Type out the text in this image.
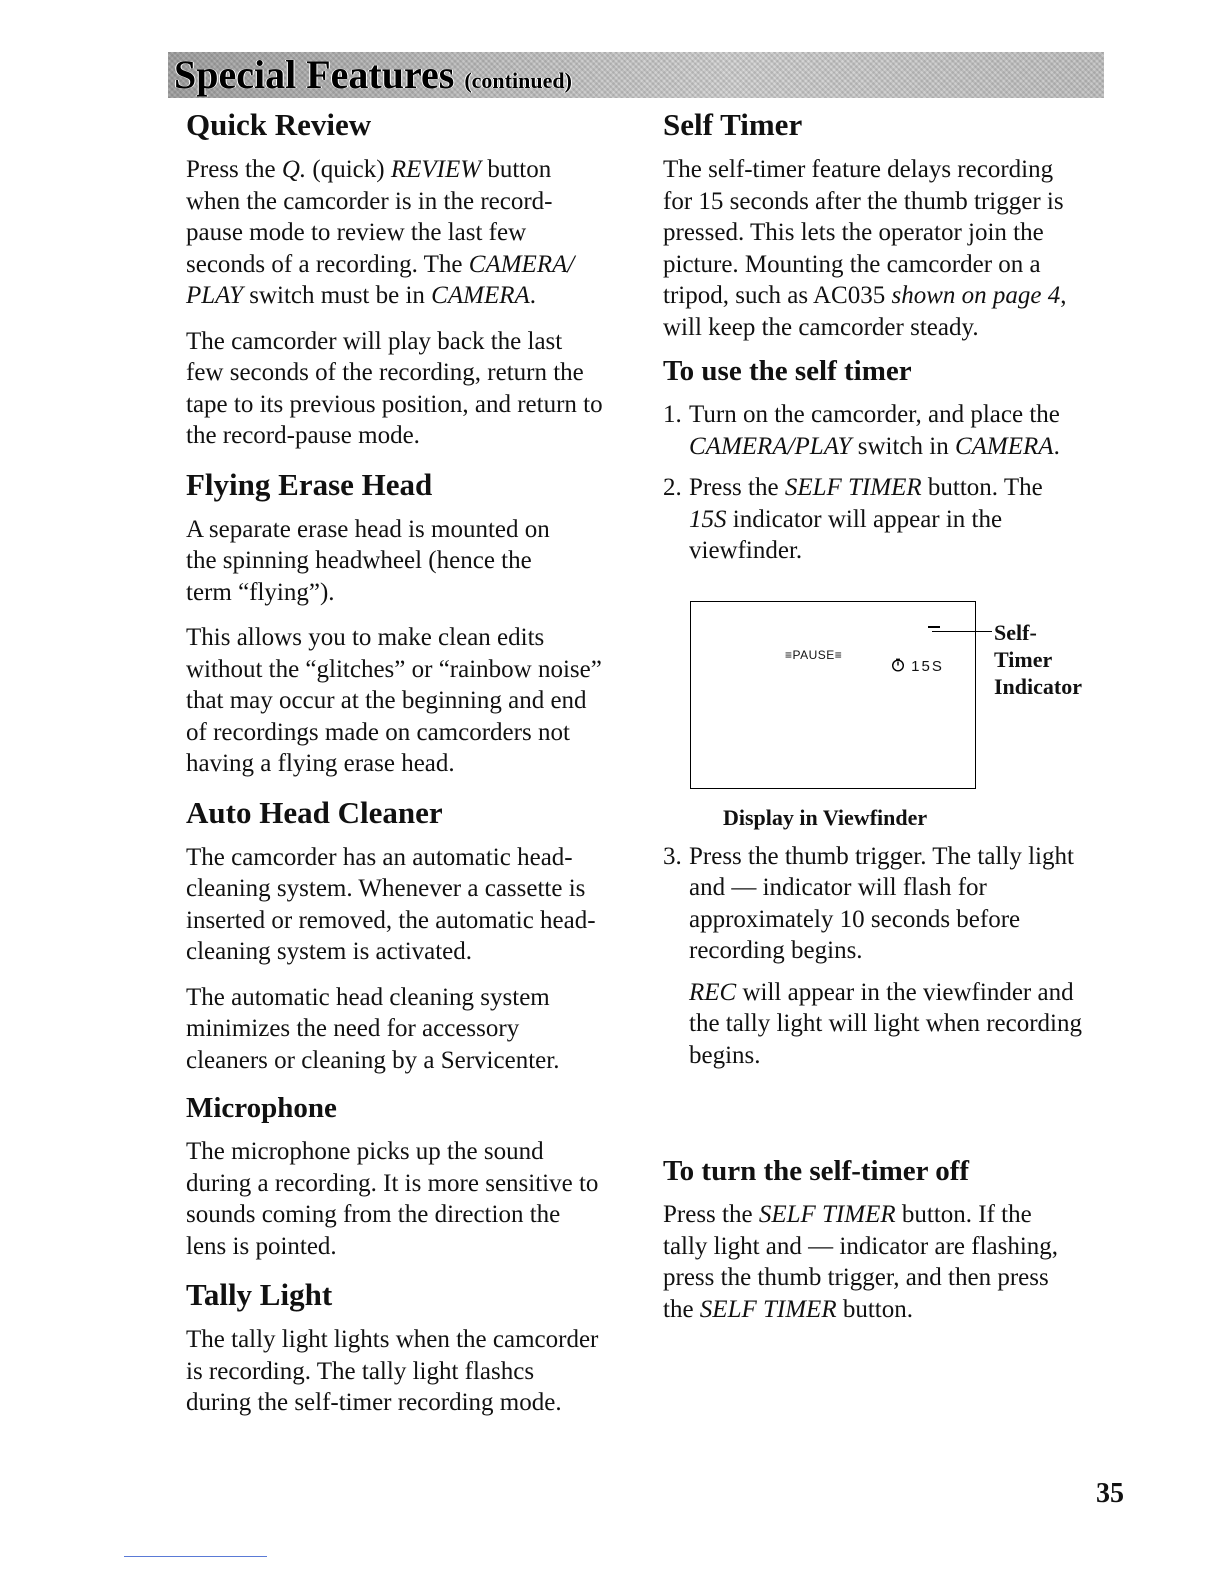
Special Features (continued)
Quick Review

Press the Q. (quick) REVIEW button
when the camcorder is in the record-
pause mode to review the last few
seconds of a recording. The CAMERA/
PLAY switch must be in CAMERA.

The camcorder will play back the last
few seconds of the recording, return the
tape to its previous position, and return to
the record-pause mode.

Flying Erase Head

A separate erase head is mounted on
the spinning headwheel (hence the
term “flying”).

This allows you to make clean edits
without the “glitches” or “rainbow noise”
that may occur at the beginning and end
of recordings made on camcorders not
having a flying erase head.

Auto Head Cleaner

The camcorder has an automatic head-
cleaning system. Whenever a cassette is
inserted or removed, the automatic head-
cleaning system is activated.

The automatic head cleaning system
minimizes the need for accessory
cleaners or cleaning by a Servicenter.

Microphone

The microphone picks up the sound
during a recording. It is more sensitive to
sounds coming from the direction the
lens is pointed.

Tally Light

The tally light lights when the camcorder
is recording. The tally light flashcs
during the self-timer recording mode.

Self Timer

The self-timer feature delays recording
for 15 seconds after the thumb trigger is
pressed. This lets the operator join the
picture. Mounting the camcorder on a
tripod, such as AC035 shown on page 4,
will keep the camcorder steady.

To use the self timer
1. Turn on the camcorder, and place the
CAMERA/PLAY switch in CAMERA.
2. Press the SELF TIMER button. The
15S indicator will appear in the
viewfinder.
≡PAUSE≡
15S
Self-
Timer
Indicator
Display in Viewfinder
3. Press the thumb trigger. The tally light
and — indicator will flash for
approximately 10 seconds before
recording begins.

REC will appear in the viewfinder and
the tally light will light when recording
begins.

To turn the self-timer off

Press the SELF TIMER button. If the
tally light and — indicator are flashing,
press the thumb trigger, and then press
the SELF TIMER button.

35
